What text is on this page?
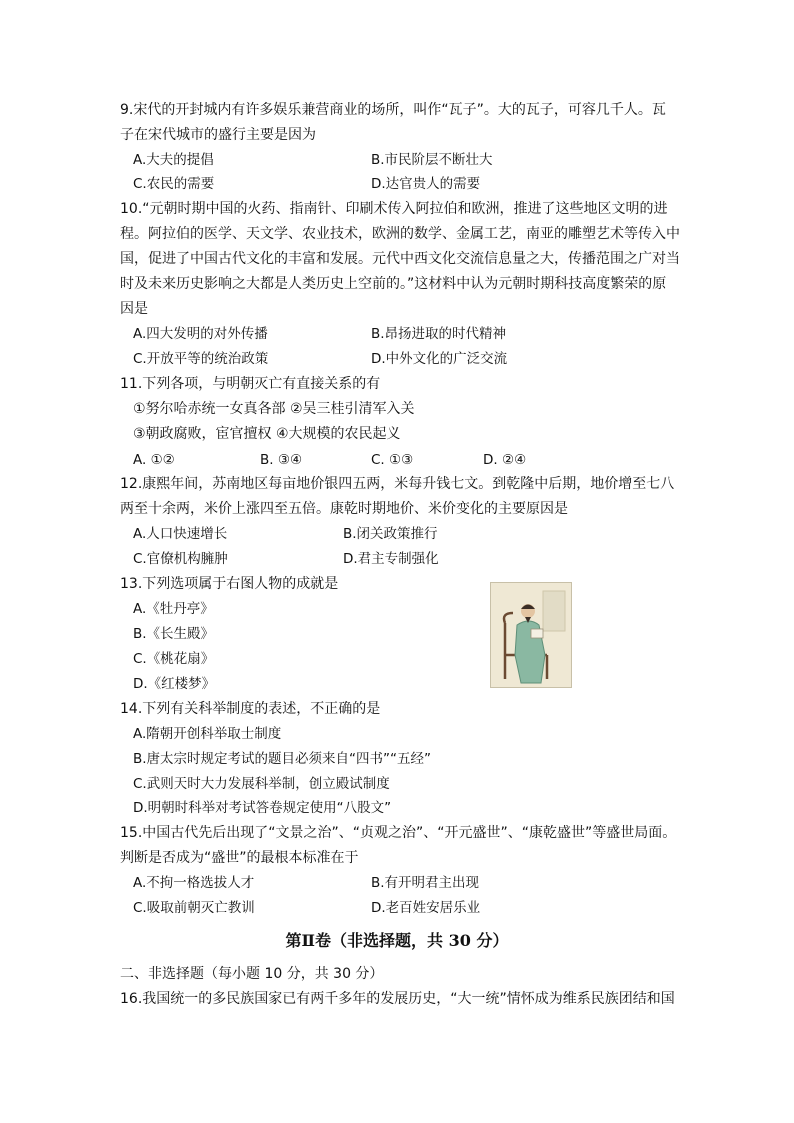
9.宋代的开封城内有许多娱乐兼营商业的场所，叫作“瓦子”。大的瓦子，可容几千人。瓦
子在宋代城市的盛行主要是因为
A.大夫的提倡	B.市民阶层不断壮大
C.农民的需要	D.达官贵人的需要
10.“元朝时期中国的火药、指南针、印刷术传入阿拉伯和欧洲，推进了这些地区文明的进
程。阿拉伯的医学、天文学、农业技术，欧洲的数学、金属工艺，南亚的雕塑艺术等传入中
国，促进了中国古代文化的丰富和发展。元代中西文化交流信息量之大，传播范围之广对当
时及未来历史影响之大都是人类历史上空前的。”这材料中认为元朝时期科技高度繁荣的原
因是
A.四大发明的对外传播	B.昂扬进取的时代精神
C.开放平等的统治政策	D.中外文化的广泛交流
11.下列各项，与明朝灭亡有直接关系的有
①努尔哈赤统一女真各部 ②吴三桂引清军入关
③朝政腐败，宦官擅权 ④大规模的农民起义
A. ①②	B. ③④	C. ①③	D. ②④
12.康熙年间，苏南地区每亩地价银四五两，米每升钱七文。到乾隆中后期，地价增至七八
两至十余两，米价上涨四至五倍。康乾时期地价、米价变化的主要原因是
A.人口快速增长	B.闭关政策推行
C.官僚机构臃肿	D.君主专制强化
13.下列选项属于右图人物的成就是
A.《牡丹亭》
B.《长生殿》
C.《桃花扇》
D.《红楼梦》
14.下列有关科举制度的表述，不正确的是
A.隋朝开创科举取士制度
B.唐太宗时规定考试的题目必须来自“四书”“五经”
C.武则天时大力发展科举制，创立殿试制度
D.明朝时科举对考试答卷规定使用“八股文”
15.中国古代先后出现了“文景之治”、“贞观之治”、“开元盛世”、“康乾盛世”等盛世局面。
判断是否成为“盛世”的最根本标准在于
A.不拘一格选拔人才	B.有开明君主出现
C.吸取前朝灭亡教训	D.老百姓安居乐业
第Ⅱ卷（非选择题，共 30 分）
二、非选择题（每小题 10 分，共 30 分）
16.我国统一的多民族国家已有两千多年的发展历史，“大一统”情怀成为维系民族团结和国
